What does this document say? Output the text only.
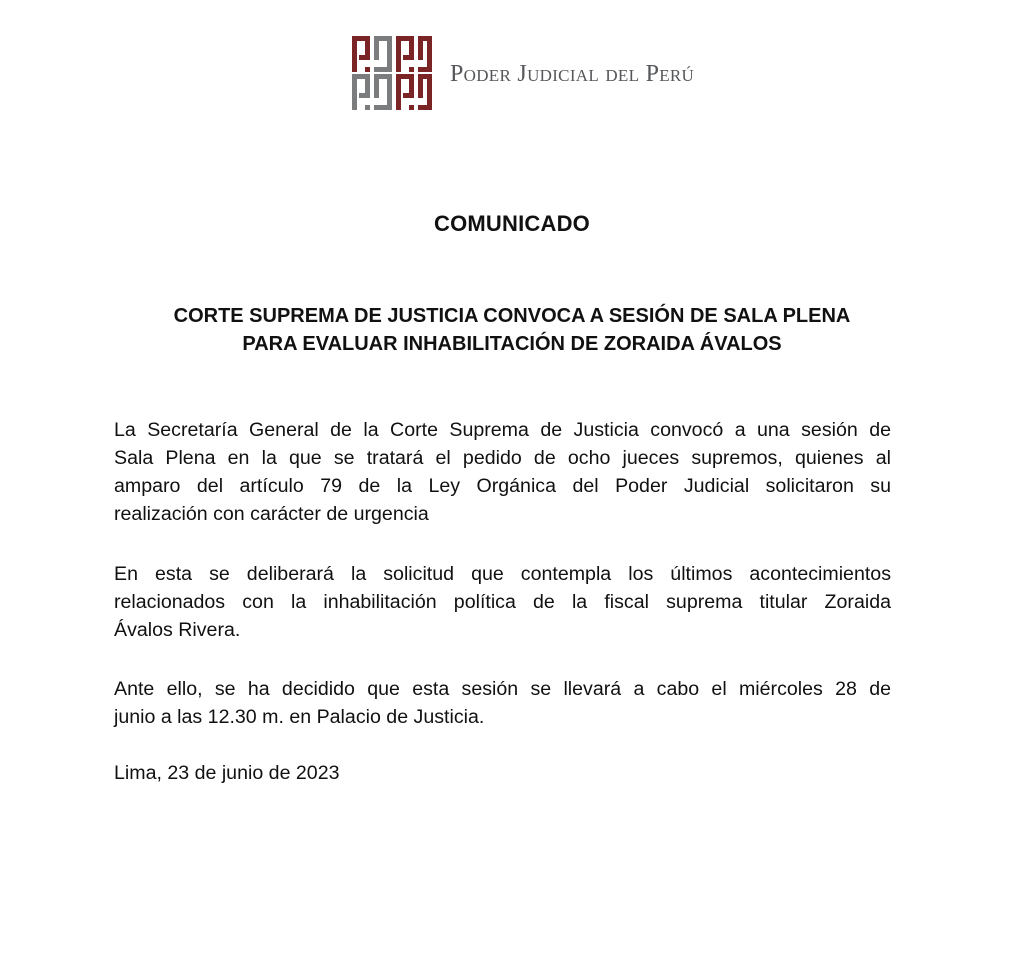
Poder Judicial del Perú
COMUNICADO
CORTE SUPREMA DE JUSTICIA CONVOCA A SESIÓN DE SALA PLENA
PARA EVALUAR INHABILITACIÓN DE ZORAIDA ÁVALOS
La Secretaría General de la Corte Suprema de Justicia convocó a una sesión de
Sala Plena en la que se tratará el pedido de ocho jueces supremos, quienes al
amparo del artículo 79 de la Ley Orgánica del Poder Judicial solicitaron su
realización con carácter de urgencia
En esta se deliberará la solicitud que contempla los últimos acontecimientos
relacionados con la inhabilitación política de la fiscal suprema titular Zoraida
Ávalos Rivera.
Ante ello, se ha decidido que esta sesión se llevará a cabo el miércoles 28 de
junio a las 12.30 m. en Palacio de Justicia.
Lima, 23 de junio de 2023
